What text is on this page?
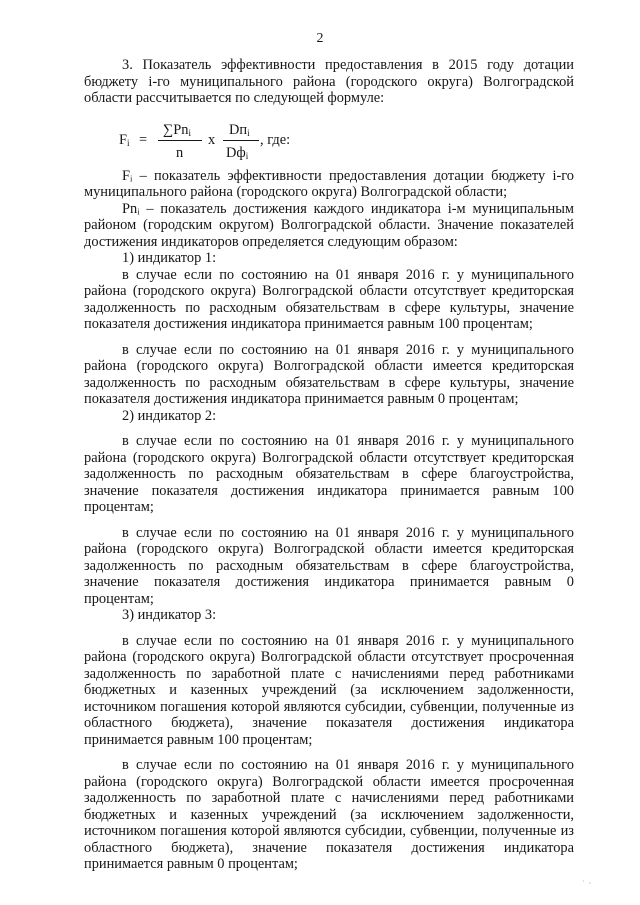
2

3. Показатель эффективности предоставления в 2015 году дотации бюджету i-го муниципального района (городского округа) Волгоградской области рассчитывается по следующей формуле:

$F_i$ =
$\sum Pn_i$
n
x
$Dп_i$
$Dф_i$
, где:

Fᵢ – показатель эффективности предоставления дотации бюджету i-го муниципального района (городского округа) Волгоградской области;

Pnᵢ – показатель достижения каждого индикатора i-м муниципальным районом (городским округом) Волгоградской области. Значение показателей достижения индикаторов определяется следующим образом:

1) индикатор 1:

в случае если по состоянию на 01 января 2016 г. у муниципального района (городского округа) Волгоградской области отсутствует кредиторская задолженность по расходным обязательствам в сфере культуры, значение показателя достижения индикатора принимается равным 100 процентам;

в случае если по состоянию на 01 января 2016 г. у муниципального района (городского округа) Волгоградской области имеется кредиторская задолженность по расходным обязательствам в сфере культуры, значение показателя достижения индикатора принимается равным 0 процентам;

2) индикатор 2:

в случае если по состоянию на 01 января 2016 г. у муниципального района (городского округа) Волгоградской области отсутствует кредиторская задолженность по расходным обязательствам в сфере благоустройства, значение показателя достижения индикатора принимается равным 100 процентам;

в случае если по состоянию на 01 января 2016 г. у муниципального района (городского округа) Волгоградской области имеется кредиторская задолженность по расходным обязательствам в сфере благоустройства, значение показателя достижения индикатора принимается равным 0 процентам;

3) индикатор 3:

в случае если по состоянию на 01 января 2016 г. у муниципального района (городского округа) Волгоградской области отсутствует просроченная задолженность по заработной плате с начислениями перед работниками бюджетных и казенных учреждений (за исключением задолженности, источником погашения которой являются субсидии, субвенции, полученные из областного бюджета), значение показателя достижения индикатора принимается равным 100 процентам;

в случае если по состоянию на 01 января 2016 г. у муниципального района (городского округа) Волгоградской области имеется просроченная задолженность по заработной плате с начислениями перед работниками бюджетных и казенных учреждений (за исключением задолженности, источником погашения которой являются субсидии, субвенции, полученные из областного бюджета), значение показателя достижения индикатора принимается равным 0 процентам;

˙ ·
